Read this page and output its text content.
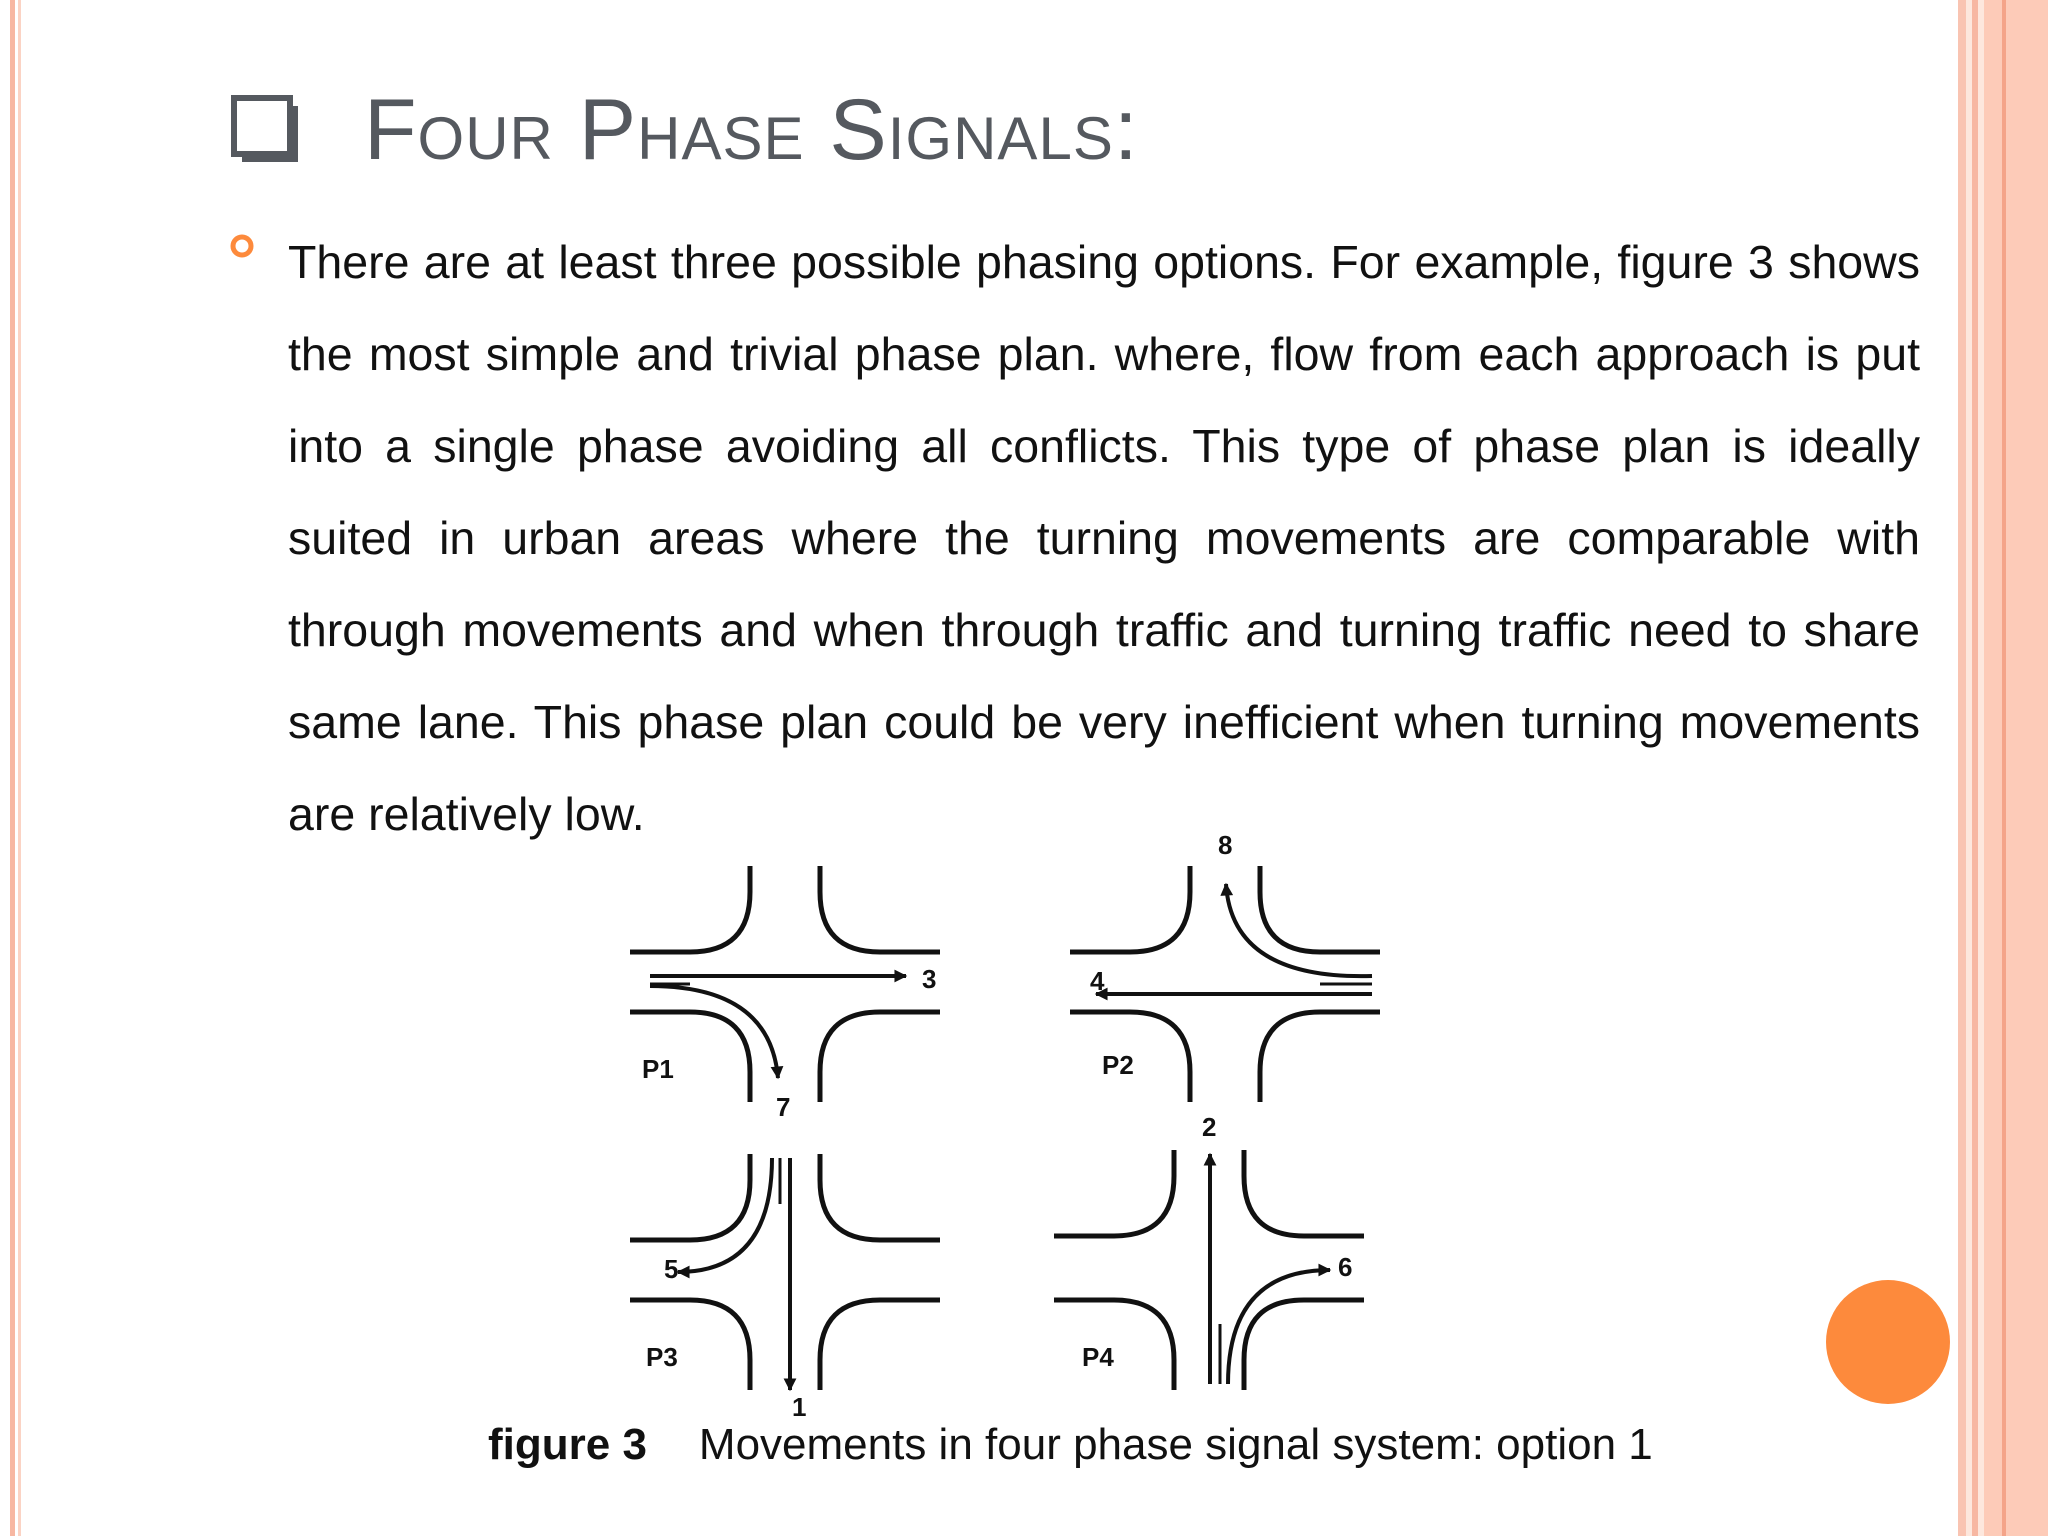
Four Phase Signals:

There are at least three possible phasing options. For example, figure 3 shows the most simple and trivial phase plan. where, flow from each approach is put into a single phase avoiding all conflicts. This type of phase plan is ideally suited in urban areas where the turning movements are comparable with through movements and when through traffic and turning traffic need to share same lane. This phase plan could be very inefficient when turning movements are relatively low.

P1
3
7
P2
8
4
P3
5
1
P4
2
6
figure 3 Movements in four phase signal system: option 1
